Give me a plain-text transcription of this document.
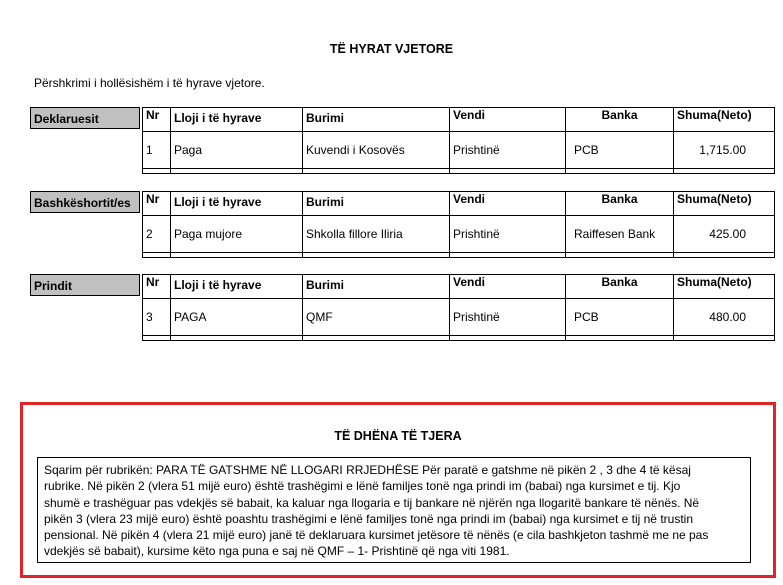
TË HYRAT VJETORE
Përshkrimi i hollësishëm i të hyrave vjetore.
Deklaruesit	Nr	Lloji i të hyrave	Burimi	Vendi	Banka	Shuma(Neto)
1	Paga	Kuvendi i Kosovës	Prishtinë	PCB	1,715.00

Bashkëshortit/es	Nr	Lloji i të hyrave	Burimi	Vendi	Banka	Shuma(Neto)
2	Paga mujore	Shkolla fillore Iliria	Prishtinë	Raiffesen Bank	425.00

Prindit	Nr	Lloji i të hyrave	Burimi	Vendi	Banka	Shuma(Neto)
3	PAGA	QMF	Prishtinë	PCB	480.00

TË DHËNA TË TJERA
Sqarim për rubrikën: PARA TË GATSHME NË LLOGARI RRJEDHËSE Për paratë e gatshme në pikën 2 , 3 dhe 4 të kësaj
rubrike. Në pikën 2 (vlera 51 mijë euro) është trashëgimi e lënë familjes tonë nga prindi im (babai) nga kursimet e tij. Kjo
shumë e trashëguar pas vdekjës së babait, ka kaluar nga llogaria e tij bankare në njërën nga llogaritë bankare të nënës. Në
pikën 3 (vlera 23 mijë euro) është poashtu trashëgimi e lënë familjes tonë nga prindi im (babai) nga kursimet e tij në trustin
pensional. Në pikën 4 (vlera 21 mijë euro) janë të deklaruara kursimet jetësore të nënës (e cila bashkjeton tashmë me ne pas
vdekjës së babait), kursime këto nga puna e saj në QMF – 1- Prishtinë që nga viti 1981.
